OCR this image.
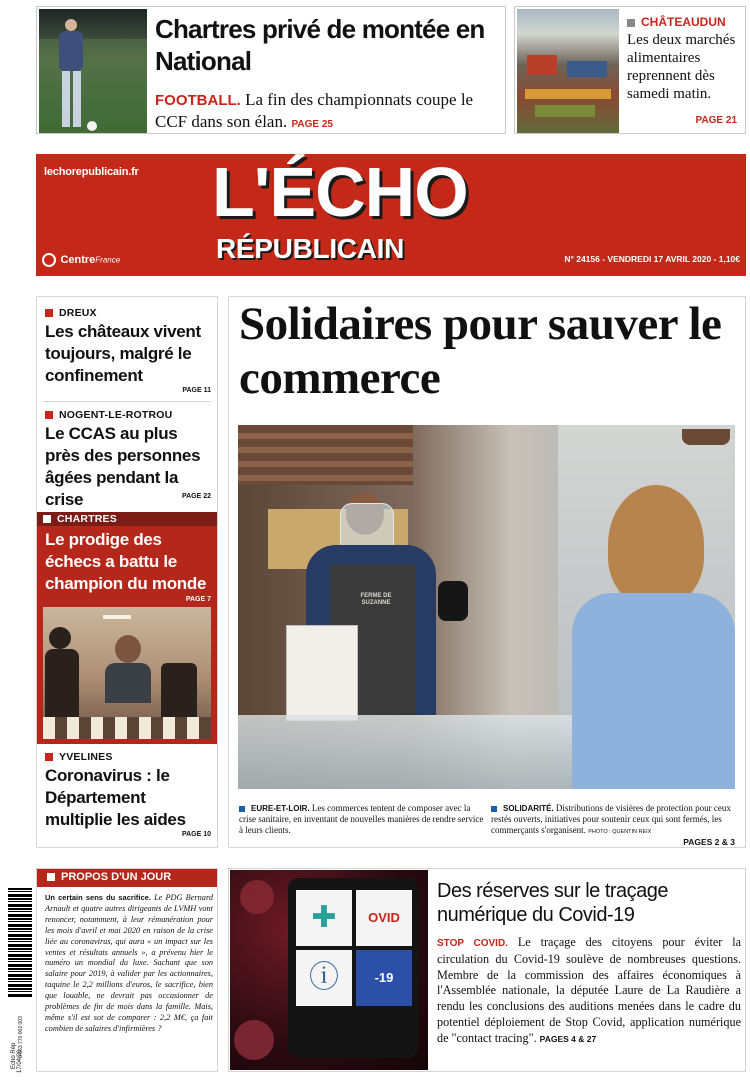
Chartres privé de montée en National
FOOTBALL. La fin des championnats coupe le CCF dans son élan. PAGE 25
CHÂTEAUDUN
Les deux marchés alimentaires reprennent dès samedi matin.
PAGE 21
lechorepublicain.fr L'ÉCHO
RÉPUBLICAIN
CentreFrance	N° 24156 - VENDREDI 17 AVRIL 2020 - 1,10€
DREUX
Les châteaux vivent toujours, malgré le confinement
PAGE 11
NOGENT-LE-ROTROU
Le CCAS au plus près des personnes âgées pendant la crise	PAGE 22
CHARTRES
Le prodige des échecs a battu le champion du monde
PAGE 7
YVELINES
Coronavirus : le Département multiplie les aides
PAGE 10
Solidaires pour sauver le commerce
FERME DE SUZANNE
EURE-ET-LOIR. Les commerces tentent de composer avec la crise sanitaire, en inventant de nouvelles manières de rendre service à leurs clients.
SOLIDARITÉ. Distributions de visières de protection pour ceux restés ouverts, initiatives pour soutenir ceux qui sont fermés, les commerçants s'organisent. PHOTO : QUENTIN REIX
PAGES 2 & 3
3 663 770 002 003
Echo Rép 17/04/20
PROPOS D'UN JOUR
Un certain sens du sacrifice. Le PDG Bernard Arnault et quatre autres dirigeants de LVMH vont renoncer, notamment, à leur rémunération pour les mois d'avril et mai 2020 en raison de la crise liée au coronavirus, qui aura « un impact sur les ventes et résultats annuels », a prévenu hier le numéro un mondial du luxe. Sachant que son salaire pour 2019, à valider par les actionnaires, taquine le 2,2 millions d'euros, le sacrifice, bien que louable, ne devrait pas occasionner de problèmes de fin de mois dans la famille. Mais, même s'il est sot de comparer : 2,2 M€, ça fait combien de salaires d'infirmières ?
✚	OVID
ⓘ	-19
Des réserves sur le traçage numérique du Covid-19
STOP COVID. Le traçage des citoyens pour éviter la circulation du Covid-19 soulève de nombreuses questions. Membre de la commission des affaires économiques à l'Assemblée nationale, la députée Laure de La Raudière a rendu les conclusions des auditions menées dans le cadre du potentiel déploiement de Stop Covid, application numérique de "contact tracing". PAGES 4 & 27
